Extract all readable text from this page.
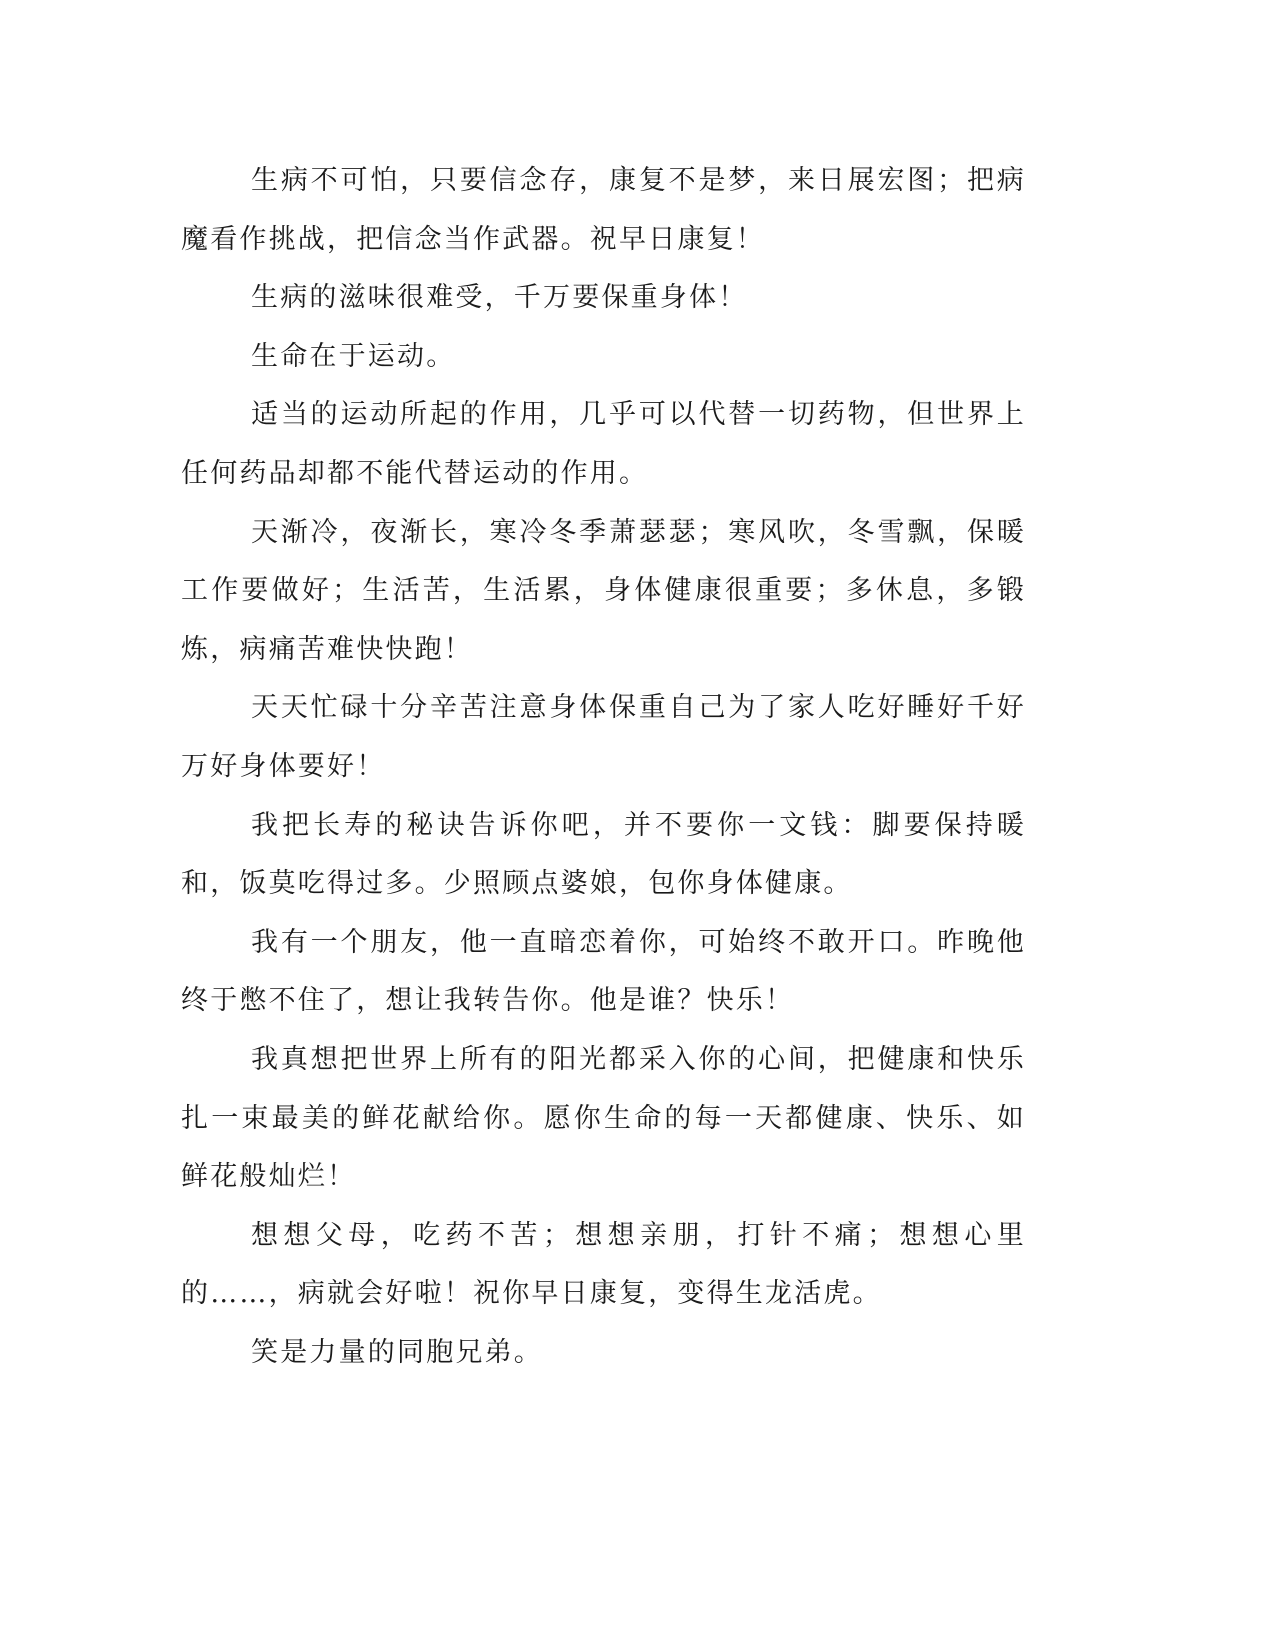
生病不可怕，只要信念存，康复不是梦，来日展宏图；把病魔看作挑战，把信念当作武器。祝早日康复！

生病的滋味很难受，千万要保重身体！

生命在于运动。

适当的运动所起的作用，几乎可以代替一切药物，但世界上任何药品却都不能代替运动的作用。

天渐冷，夜渐长，寒冷冬季萧瑟瑟；寒风吹，冬雪飘，保暖工作要做好；生活苦，生活累，身体健康很重要；多休息，多锻炼，病痛苦难快快跑！

天天忙碌十分辛苦注意身体保重自己为了家人吃好睡好千好万好身体要好！

我把长寿的秘诀告诉你吧，并不要你一文钱：脚要保持暖和，饭莫吃得过多。少照顾点婆娘，包你身体健康。

我有一个朋友，他一直暗恋着你，可始终不敢开口。昨晚他终于憋不住了，想让我转告你。他是谁？快乐！

我真想把世界上所有的阳光都采入你的心间，把健康和快乐扎一束最美的鲜花献给你。愿你生命的每一天都健康、快乐、如鲜花般灿烂！

想想父母，吃药不苦；想想亲朋，打针不痛；想想心里的……，病就会好啦！祝你早日康复，变得生龙活虎。

笑是力量的同胞兄弟。
